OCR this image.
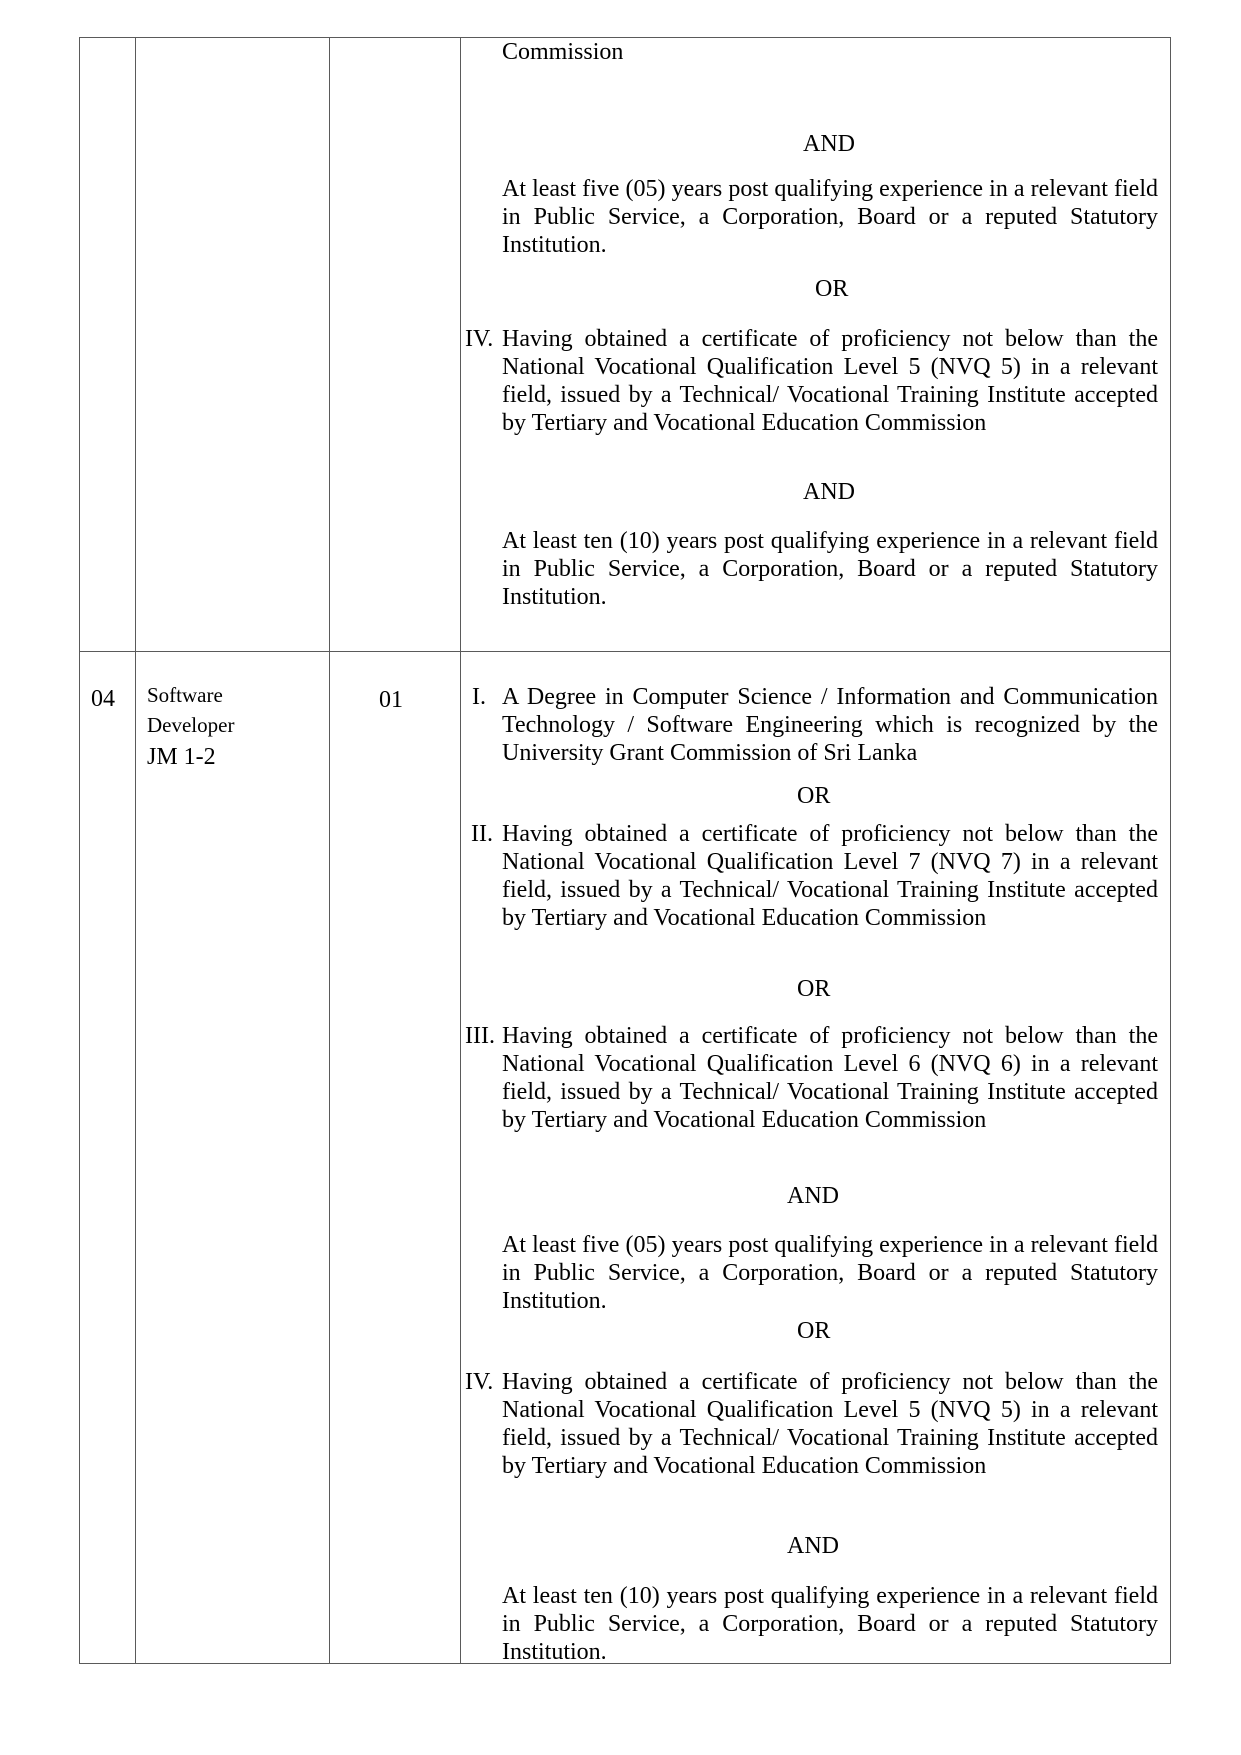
Commission

AND

At least five (05) years post qualifying experience in a relevant field in Public Service, a Corporation, Board or a reputed Statutory Institution.

OR

IV. Having obtained a certificate of proficiency not below than the National Vocational Qualification Level 5 (NVQ 5) in a relevant field, issued by a Technical/ Vocational Training Institute accepted by Tertiary and Vocational Education Commission

AND

At least ten (10) years post qualifying experience in a relevant field in Public Service, a Corporation, Board or a reputed Statutory Institution.

04 Software

Developer

JM 1-2

01	I. A Degree in Computer Science / Information and Communication Technology / Software Engineering which is recognized by the University Grant Commission of Sri Lanka

OR

II. Having obtained a certificate of proficiency not below than the National Vocational Qualification Level 7 (NVQ 7) in a relevant field, issued by a Technical/ Vocational Training Institute accepted by Tertiary and Vocational Education Commission

OR

III. Having obtained a certificate of proficiency not below than the National Vocational Qualification Level 6 (NVQ 6) in a relevant field, issued by a Technical/ Vocational Training Institute accepted by Tertiary and Vocational Education Commission

AND

At least five (05) years post qualifying experience in a relevant field in Public Service, a Corporation, Board or a reputed Statutory Institution.

OR

IV. Having obtained a certificate of proficiency not below than the National Vocational Qualification Level 5 (NVQ 5) in a relevant field, issued by a Technical/ Vocational Training Institute accepted by Tertiary and Vocational Education Commission

AND

At least ten (10) years post qualifying experience in a relevant field in Public Service, a Corporation, Board or a reputed Statutory Institution.
